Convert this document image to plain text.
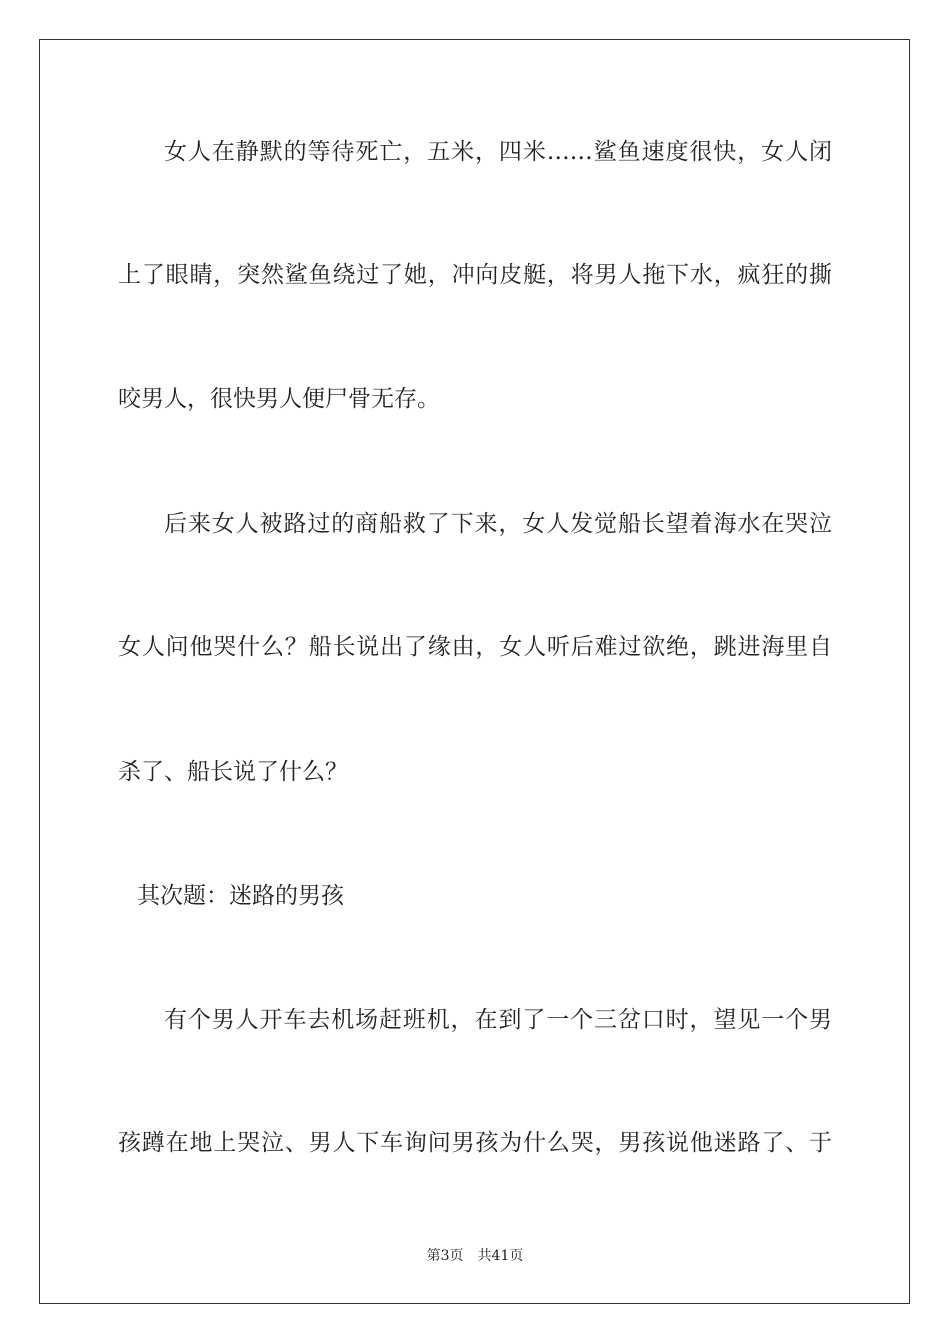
女人在静默的等待死亡，五米，四米……鲨鱼速度很快，女人闭
上了眼睛，突然鲨鱼绕过了她，冲向皮艇，将男人拖下水，疯狂的撕
咬男人，很快男人便尸骨无存。
后来女人被路过的商船救了下来，女人发觉船长望着海水在哭泣
女人问他哭什么？船长说出了缘由，女人听后难过欲绝，跳进海里自
杀了、船长说了什么？
其次题：迷路的男孩
有个男人开车去机场赶班机，在到了一个三岔口时，望见一个男
孩蹲在地上哭泣、男人下车询问男孩为什么哭，男孩说他迷路了、于
第3页 共41页
